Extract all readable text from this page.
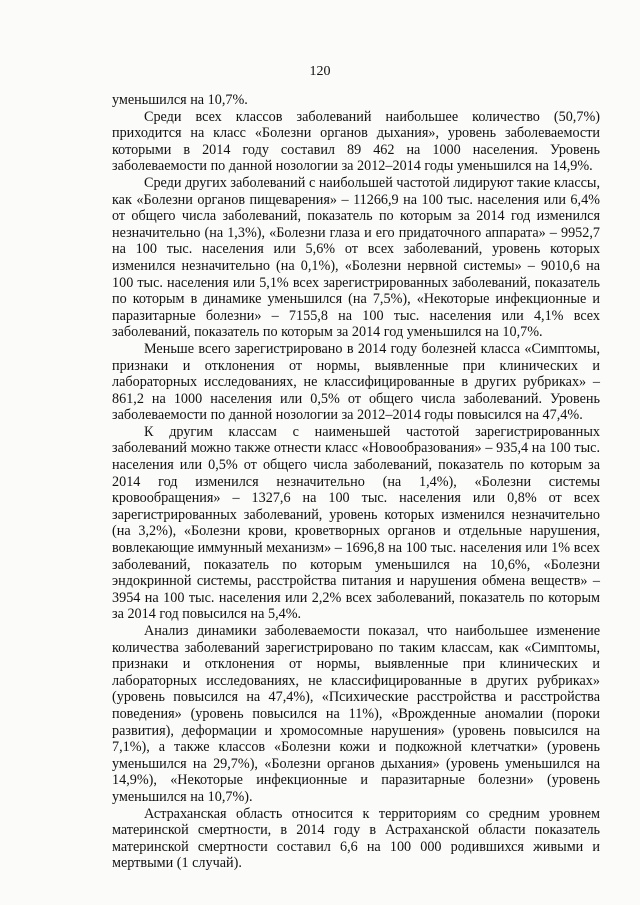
120

уменьшился на 10,7%.

Среди всех классов заболеваний наибольшее количество (50,7%) приходится на класс «Болезни органов дыхания», уровень заболеваемости которыми в 2014 году составил 89 462 на 1000 населения. Уровень заболеваемости по данной нозологии за 2012–2014 годы уменьшился на 14,9%.

Среди других заболеваний с наибольшей частотой лидируют такие классы, как «Болезни органов пищеварения» – 11266,9 на 100 тыс. населения или 6,4% от общего числа заболеваний, показатель по которым за 2014 год изменился незначительно (на 1,3%), «Болезни глаза и его придаточного аппарата» – 9952,7 на 100 тыс. населения или 5,6% от всех заболеваний, уровень которых изменился незначительно (на 0,1%), «Болезни нервной системы» – 9010,6 на 100 тыс. населения или 5,1% всех зарегистрированных заболеваний, показатель по которым в динамике уменьшился (на 7,5%), «Некоторые инфекционные и паразитарные болезни» – 7155,8 на 100 тыс. населения или 4,1% всех заболеваний, показатель по которым за 2014 год уменьшился на 10,7%.

Меньше всего зарегистрировано в 2014 году болезней класса «Симптомы, признаки и отклонения от нормы, выявленные при клинических и лабораторных исследованиях, не классифицированные в других рубриках» – 861,2 на 1000 населения или 0,5% от общего числа заболеваний. Уровень заболеваемости по данной нозологии за 2012–2014 годы повысился на 47,4%.

К другим классам с наименьшей частотой зарегистрированных заболеваний можно также отнести класс «Новообразования» – 935,4 на 100 тыс. населения или 0,5% от общего числа заболеваний, показатель по которым за 2014 год изменился незначительно (на 1,4%), «Болезни системы кровообращения» – 1327,6 на 100 тыс. населения или 0,8% от всех зарегистрированных заболеваний, уровень которых изменился незначительно (на 3,2%), «Болезни крови, кроветворных органов и отдельные нарушения, вовлекающие иммунный механизм» – 1696,8 на 100 тыс. населения или 1% всех заболеваний, показатель по которым уменьшился на 10,6%, «Болезни эндокринной системы, расстройства питания и нарушения обмена веществ» – 3954 на 100 тыс. населения или 2,2% всех заболеваний, показатель по которым за 2014 год повысился на 5,4%.

Анализ динамики заболеваемости показал, что наибольшее изменение количества заболеваний зарегистрировано по таким классам, как «Симптомы, признаки и отклонения от нормы, выявленные при клинических и лабораторных исследованиях, не классифицированные в других рубриках» (уровень повысился на 47,4%), «Психические расстройства и расстройства поведения» (уровень повысился на 11%), «Врожденные аномалии (пороки развития), деформации и хромосомные нарушения» (уровень повысился на 7,1%), а также классов «Болезни кожи и подкожной клетчатки» (уровень уменьшился на 29,7%), «Болезни органов дыхания» (уровень уменьшился на 14,9%), «Некоторые инфекционные и паразитарные болезни» (уровень уменьшился на 10,7%).

Астраханская область относится к территориям со средним уровнем материнской смертности, в 2014 году в Астраханской области показатель материнской смертности составил 6,6 на 100 000 родившихся живыми и мертвыми (1 случай).
